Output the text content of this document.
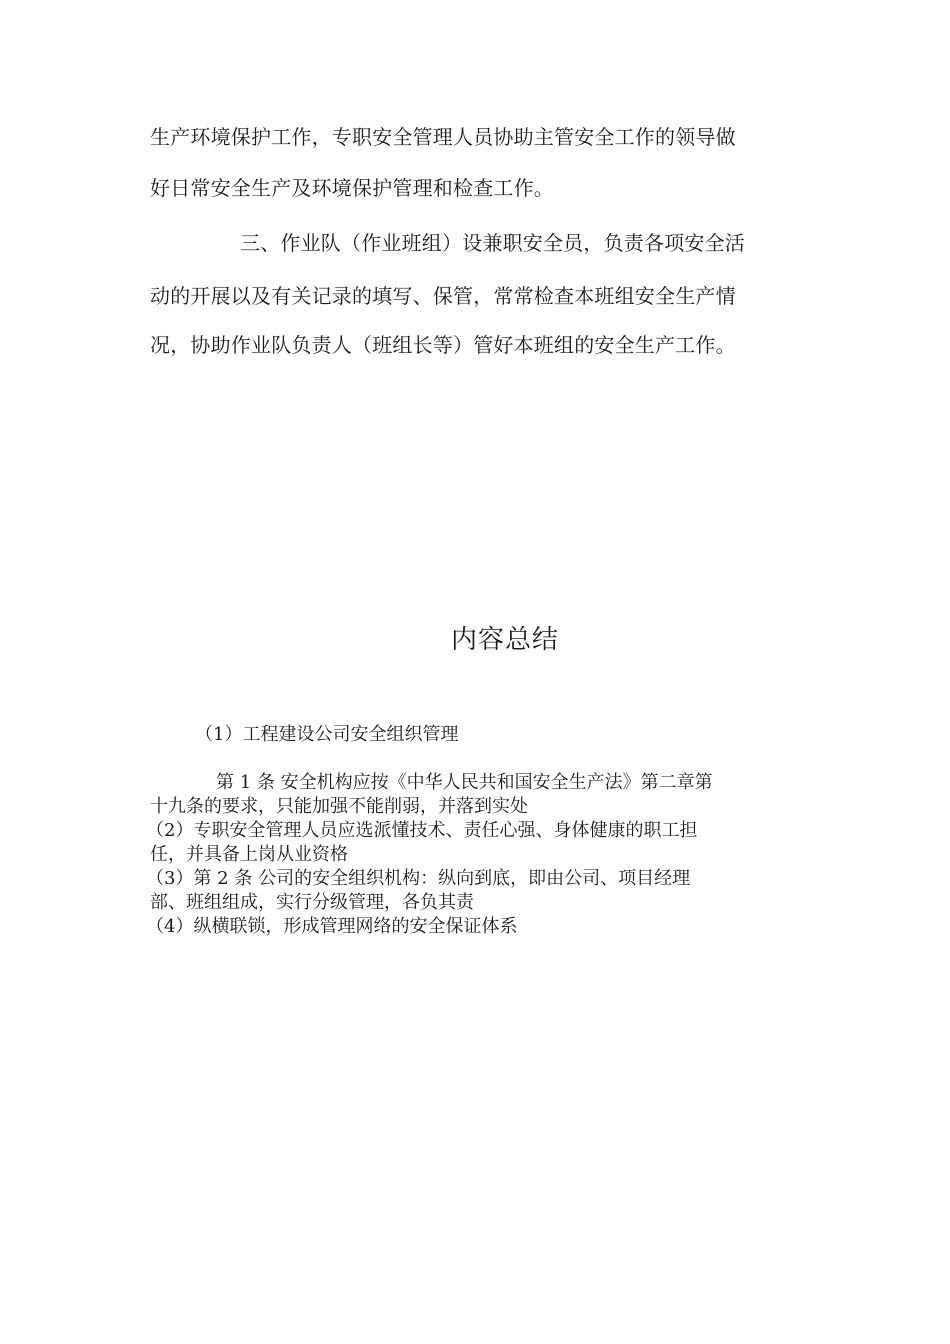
生产环境保护工作，专职安全管理人员协助主管安全工作的领导做
好日常安全生产及环境保护管理和检查工作。
三、作业队（作业班组）设兼职安全员，负责各项安全活
动的开展以及有关记录的填写、保管，常常检查本班组安全生产情
况，协助作业队负责人（班组长等）管好本班组的安全生产工作。
内容总结
（1）工程建设公司安全组织管理
第 1 条 安全机构应按《中华人民共和国安全生产法》第二章第
十九条的要求，只能加强不能削弱，并落到实处
（2）专职安全管理人员应选派懂技术、责任心强、身体健康的职工担
任，并具备上岗从业资格
（3）第 2 条 公司的安全组织机构：纵向到底，即由公司、项目经理
部、班组组成，实行分级管理，各负其责
（4）纵横联锁，形成管理网络的安全保证体系
